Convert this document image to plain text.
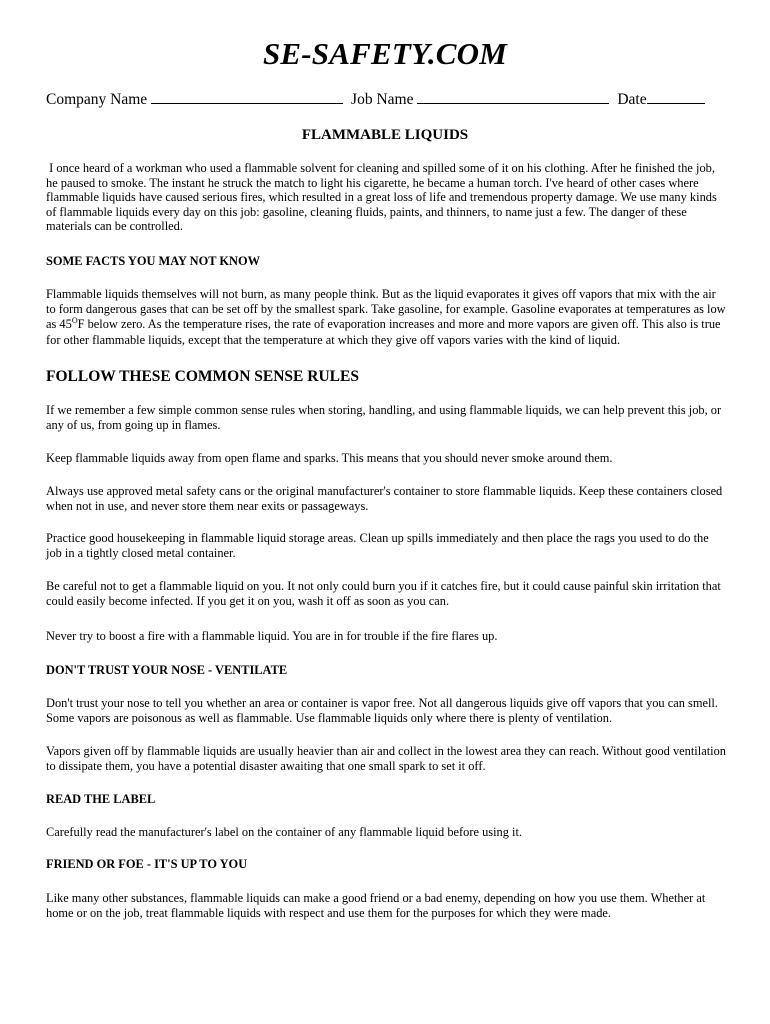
SE-SAFETY.COM
Company Name	Job Name	Date
FLAMMABLE LIQUIDS

I once heard of a workman who used a flammable solvent for cleaning and spilled some of it on his clothing. After he finished the job, he paused to smoke. The instant he struck the match to light his cigarette, he became a human torch. I've heard of other cases where flammable liquids have caused serious fires, which resulted in a great loss of life and tremendous property damage. We use many kinds of flammable liquids every day on this job: gasoline, cleaning fluids, paints, and thinners, to name just a few. The danger of these materials can be controlled.

SOME FACTS YOU MAY NOT KNOW

Flammable liquids themselves will not burn, as many people think. But as the liquid evaporates it gives off vapors that mix with the air to form dangerous gases that can be set off by the smallest spark. Take gasoline, for example. Gasoline evaporates at temperatures as low as $45^OF$ below zero. As the temperature rises, the rate of evaporation increases and more and more vapors are given off. This also is true for other flammable liquids, except that the temperature at which they give off vapors varies with the kind of liquid.

FOLLOW THESE COMMON SENSE RULES
If we remember a few simple common sense rules when storing, handling, and using flammable liquids, we can help prevent this job, or any of us, from going up in flames.
Keep flammable liquids away from open flame and sparks. This means that you should never smoke around them.
Always use approved metal safety cans or the original manufacturer's container to store flammable liquids. Keep these containers closed when not in use, and never store them near exits or passageways.
Practice good housekeeping in flammable liquid storage areas. Clean up spills immediately and then place the rags you used to do the job in a tightly closed metal container.
Be careful not to get a flammable liquid on you. It not only could burn you if it catches fire, but it could cause painful skin irritation that could easily become infected. If you get it on you, wash it off as soon as you can.
Never try to boost a fire with a flammable liquid. You are in for trouble if the fire flares up.
DON'T TRUST YOUR NOSE - VENTILATE
Don't trust your nose to tell you whether an area or container is vapor free. Not all dangerous liquids give off vapors that you can smell. Some vapors are poisonous as well as flammable. Use flammable liquids only where there is plenty of ventilation.
Vapors given off by flammable liquids are usually heavier than air and collect in the lowest area they can reach. Without good ventilation to dissipate them, you have a potential disaster awaiting that one small spark to set it off.
READ THE LABEL
Carefully read the manufacturer's label on the container of any flammable liquid before using it.
FRIEND OR FOE - IT'S UP TO YOU
Like many other substances, flammable liquids can make a good friend or a bad enemy, depending on how you use them. Whether at home or on the job, treat flammable liquids with respect and use them for the purposes for which they were made.
